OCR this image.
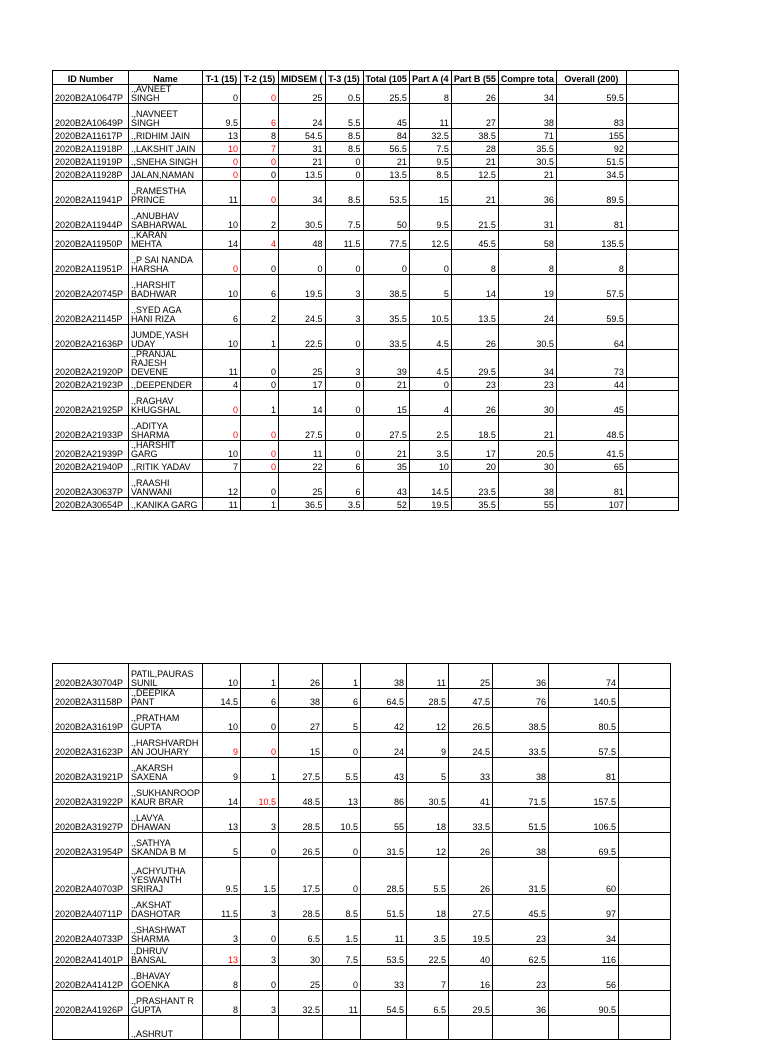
ID Number	Name	T-1 (15)	T-2 (15)	MIDSEM (	T-3 (15)	Total (105	Part A (4	Part B (55	Compre tota	Overall (200)	
2020B2A10647P	.,AVNEET SINGH	0	0	25	0.5	25.5	8	26	34	59.5	
2020B2A10649P	.,NAVNEET SINGH	9.5	6	24	5.5	45	11	27	38	83	
2020B2A11617P	.,RIDHIM JAIN	13	8	54.5	8.5	84	32.5	38.5	71	155	
2020B2A11918P	.,LAKSHIT JAIN	10	7	31	8.5	56.5	7.5	28	35.5	92	
2020B2A11919P	.,SNEHA SINGH	0	0	21	0	21	9.5	21	30.5	51.5	
2020B2A11928P	JALAN,NAMAN	0	0	13.5	0	13.5	8.5	12.5	21	34.5	
2020B2A11941P	.,RAMESTHA PRINCE	11	0	34	8.5	53.5	15	21	36	89.5	
2020B2A11944P	.,ANUBHAV SABHARWAL	10	2	30.5	7.5	50	9.5	21.5	31	81	
2020B2A11950P	.,KARAN MEHTA	14	4	48	11.5	77.5	12.5	45.5	58	135.5	
2020B2A11951P	.,P SAI NANDA HARSHA	0	0	0	0	0	0	8	8	8	
2020B2A20745P	.,HARSHIT BADHWAR	10	6	19.5	3	38.5	5	14	19	57.5	
2020B2A21145P	.,SYED AGA HANI RIZA	6	2	24.5	3	35.5	10.5	13.5	24	59.5	
2020B2A21636P	JUMDE,YASH UDAY	10	1	22.5	0	33.5	4.5	26	30.5	64	
2020B2A21920P	.,PRANJAL RAJESH DEVENE	11	0	25	3	39	4.5	29.5	34	73	
2020B2A21923P	.,DEEPENDER	4	0	17	0	21	0	23	23	44	
2020B2A21925P	.,RAGHAV KHUGSHAL	0	1	14	0	15	4	26	30	45	
2020B2A21933P	.,ADITYA SHARMA	0	0	27.5	0	27.5	2.5	18.5	21	48.5	
2020B2A21939P	.,HARSHIT GARG	10	0	11	0	21	3.5	17	20.5	41.5	
2020B2A21940P	.,RITIK YADAV	7	0	22	6	35	10	20	30	65	
2020B2A30637P	.,RAASHI VANWANI	12	0	25	6	43	14.5	23.5	38	81	
2020B2A30654P	.,KANIKA GARG	11	1	36.5	3.5	52	19.5	35.5	55	107	
2020B2A30704P	PATIL,PAURAS SUNIL	10	1	26	1	38	11	25	36	74	
2020B2A31158P	.,DEEPIKA PANT	14.5	6	38	6	64.5	28.5	47.5	76	140.5	
2020B2A31619P	.,PRATHAM GUPTA	10	0	27	5	42	12	26.5	38.5	80.5	
2020B2A31623P	.,HARSHVARDHAN JOUHARY	9	0	15	0	24	9	24.5	33.5	57.5	
2020B2A31921P	.,AKARSH SAXENA	9	1	27.5	5.5	43	5	33	38	81	
2020B2A31922P	.,SUKHANROOP KAUR BRAR	14	10.5	48.5	13	86	30.5	41	71.5	157.5	
2020B2A31927P	.,LAVYA DHAWAN	13	3	28.5	10.5	55	18	33.5	51.5	106.5	
2020B2A31954P	.,SATHYA SKANDA B M	5	0	26.5	0	31.5	12	26	38	69.5	
2020B2A40703P	.,ACHYUTHA YESWANTH SRIRAJ	9.5	1.5	17.5	0	28.5	5.5	26	31.5	60	
2020B2A40711P	.,AKSHAT DASHOTAR	11.5	3	28.5	8.5	51.5	18	27.5	45.5	97	
2020B2A40733P	.,SHASHWAT SHARMA	3	0	6.5	1.5	11	3.5	19.5	23	34	
2020B2A41401P	.,DHRUV BANSAL	13	3	30	7.5	53.5	22.5	40	62.5	116	
2020B2A41412P	.,BHAVAY GOENKA	8	0	25	0	33	7	16	23	56	
2020B2A41926P	.,PRASHANT R GUPTA	8	3	32.5	11	54.5	6.5	29.5	36	90.5	
	.,ASHRUT										
